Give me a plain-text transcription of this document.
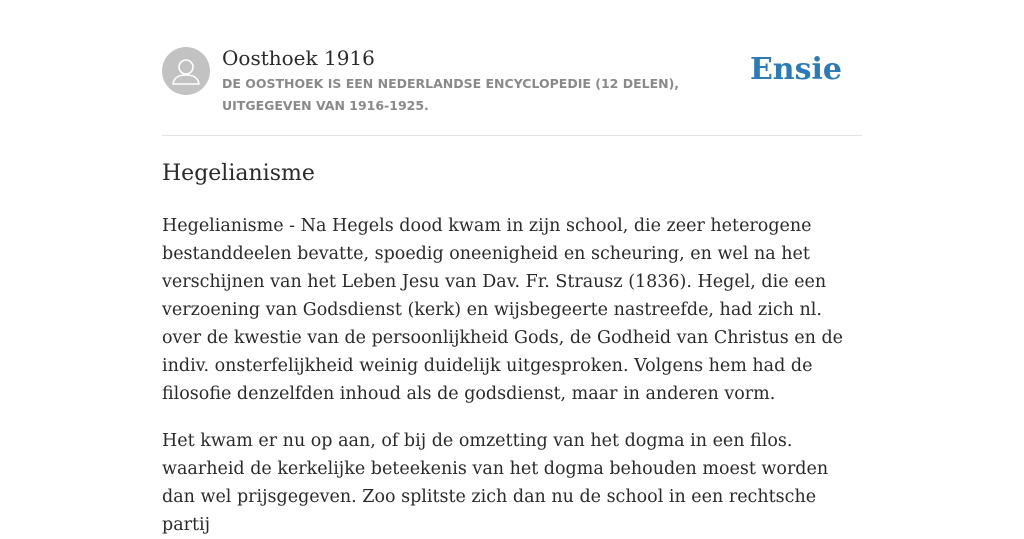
Oosthoek 1916
DE OOSTHOEK IS EEN NEDERLANDSE ENCYCLOPEDIE (12 DELEN), UITGEGEVEN VAN 1916-1925.
Ensie
Hegelianisme

Hegelianisme - Na Hegels dood kwam in zijn school, die zeer heterogene bestanddeelen bevatte, spoedig oneenigheid en scheuring, en wel na het verschijnen van het Leben Jesu van Dav. Fr. Strausz (1836). Hegel, die een verzoening van Godsdienst (kerk) en wijsbegeerte nastreefde, had zich nl. over de kwestie van de persoonlijkheid Gods, de Godheid van Christus en de indiv. onsterfelijkheid weinig duidelijk uitgesproken. Volgens hem had de filosofie denzelfden inhoud als de godsdienst, maar in anderen vorm.

Het kwam er nu op aan, of bij de omzetting van het dogma in een filos. waarheid de kerkelijke beteekenis van het dogma behouden moest worden dan wel prijsgegeven. Zoo splitste zich dan nu de school in een rechtsche partij
